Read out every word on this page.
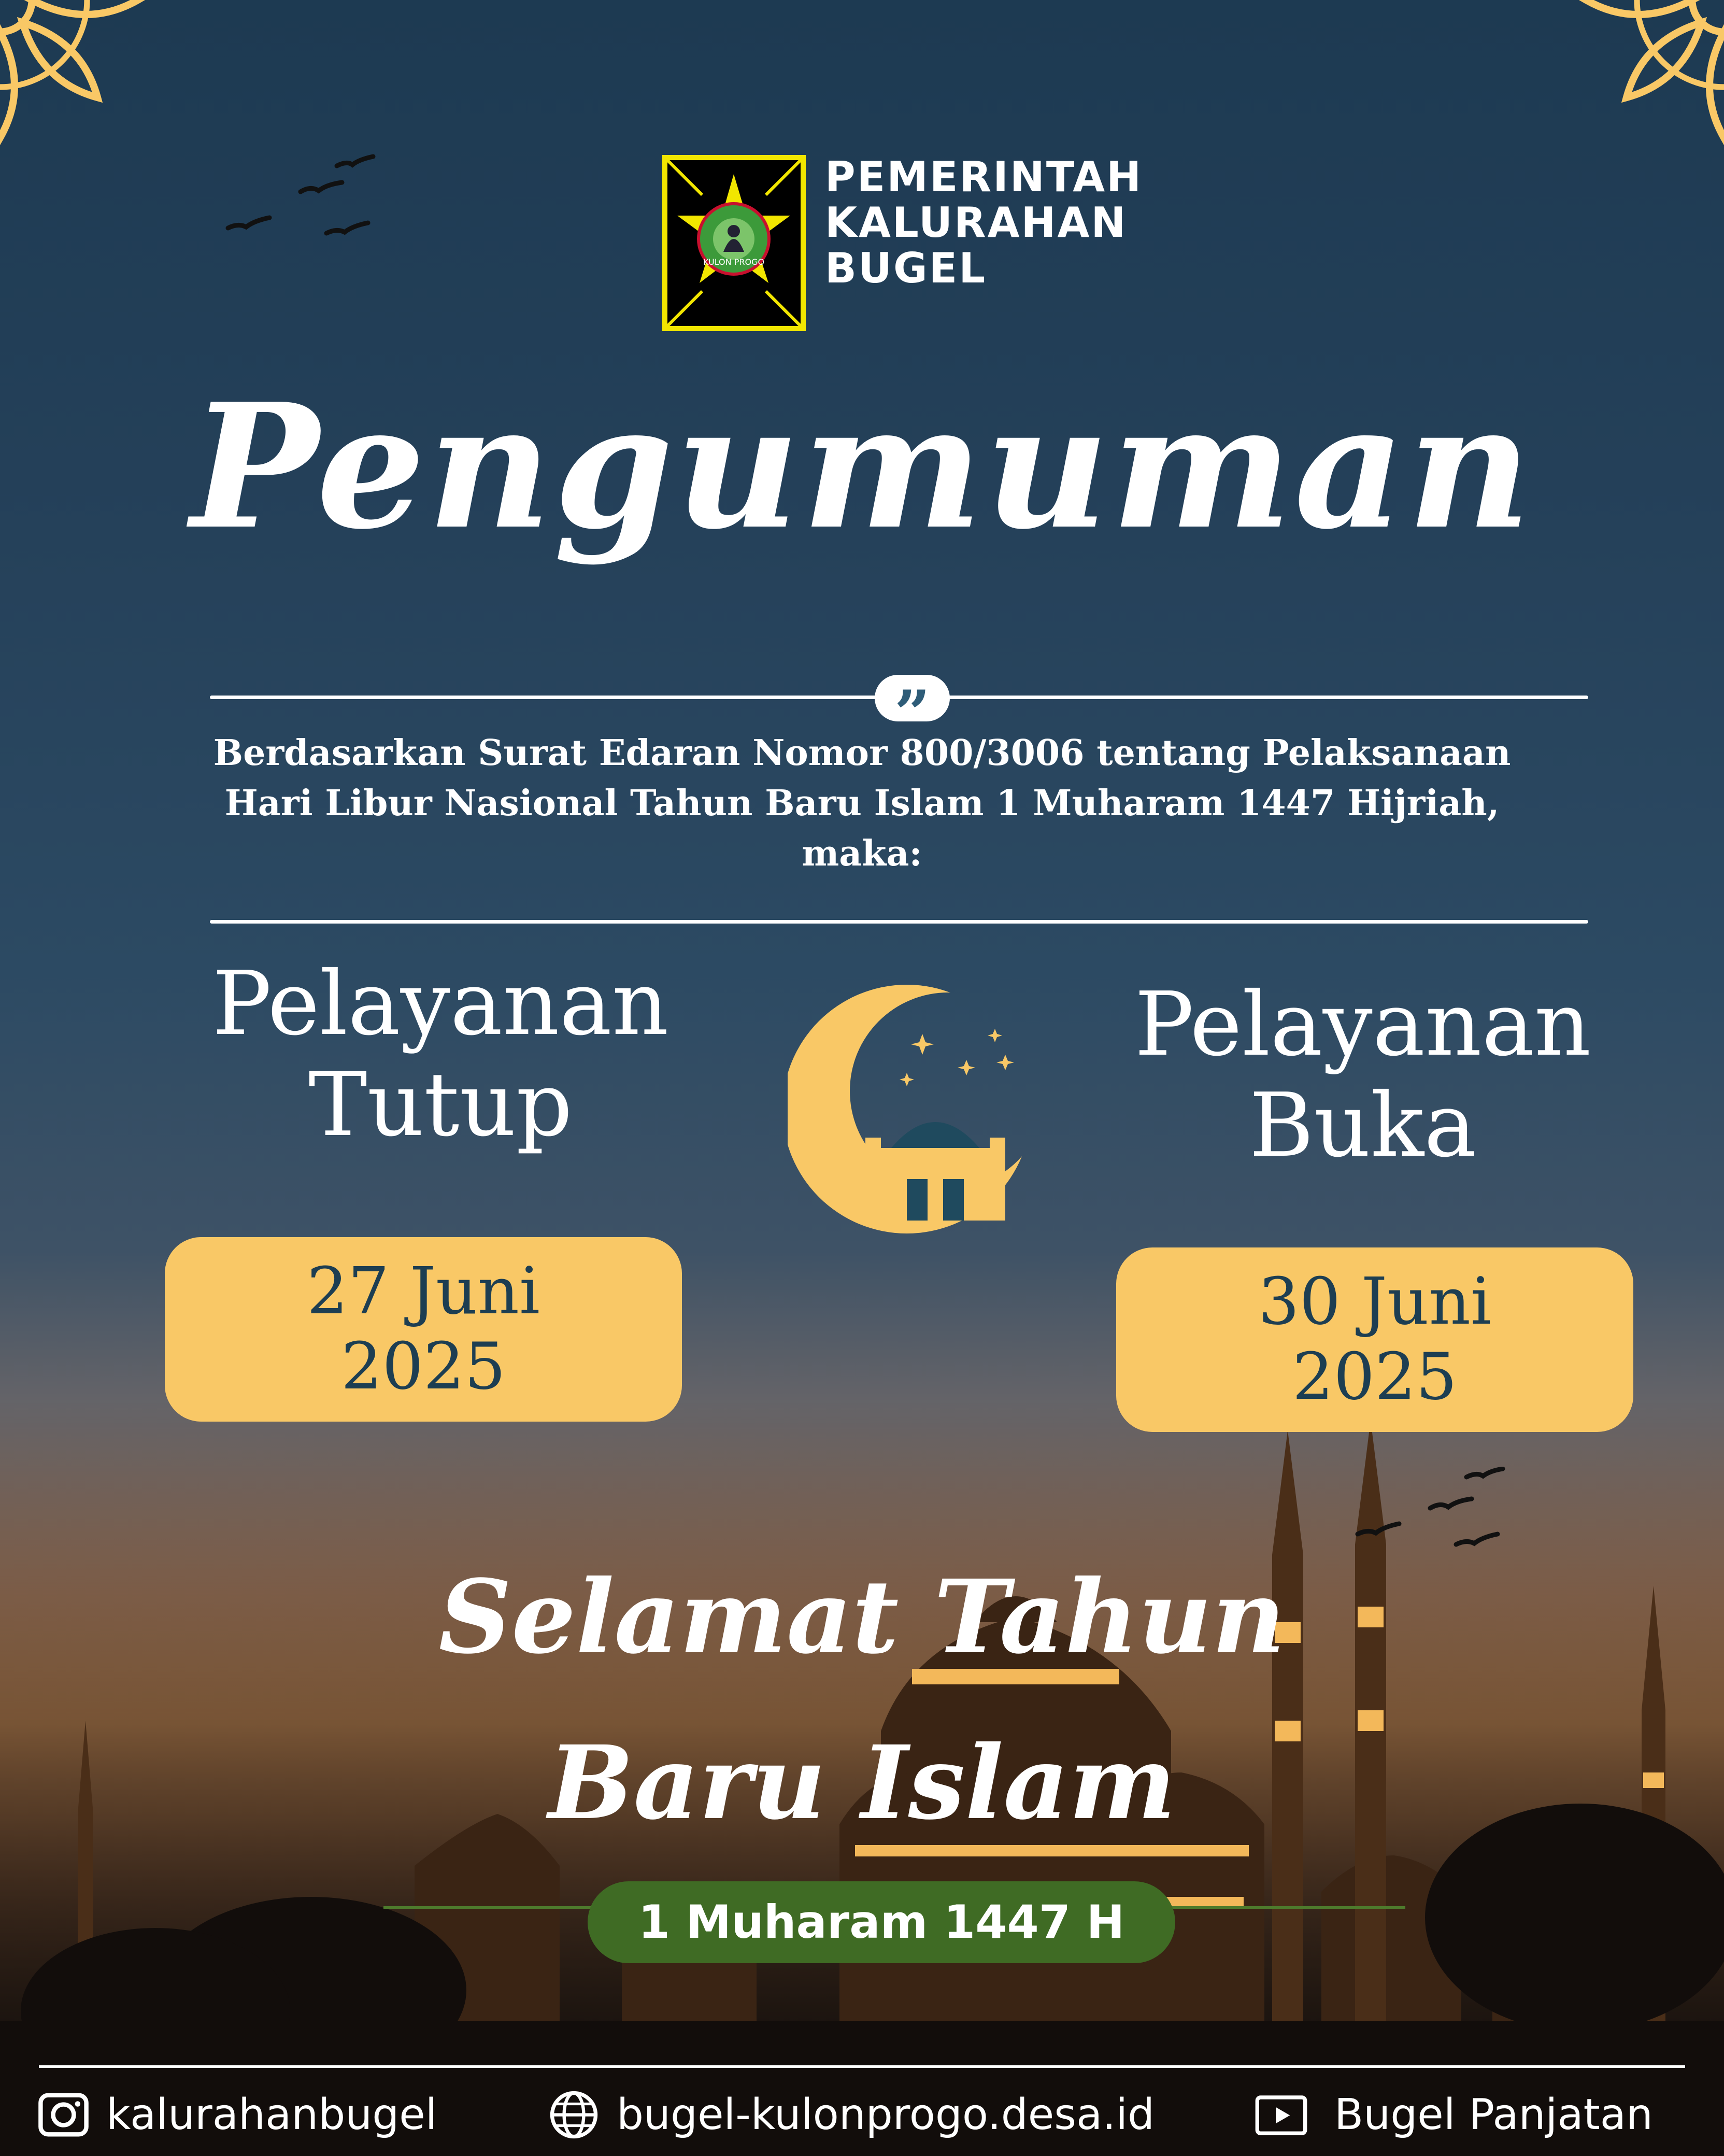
KULON PROGO
PEMERINTAH
KALURAHAN
BUGEL
Pengumuman
”
Berdasarkan Surat Edaran Nomor 800/3006 tentang Pelaksanaan
Hari Libur Nasional Tahun Baru Islam 1 Muharam 1447 Hijriah,
maka:
Pelayanan
Tutup
27 Juni
2025
Pelayanan
Buka
30 Juni
2025
Selamat Tahun
Baru Islam
1 Muharam 1447 H
kalurahanbugel	bugel-kulonprogo.desa.id	Bugel Panjatan
